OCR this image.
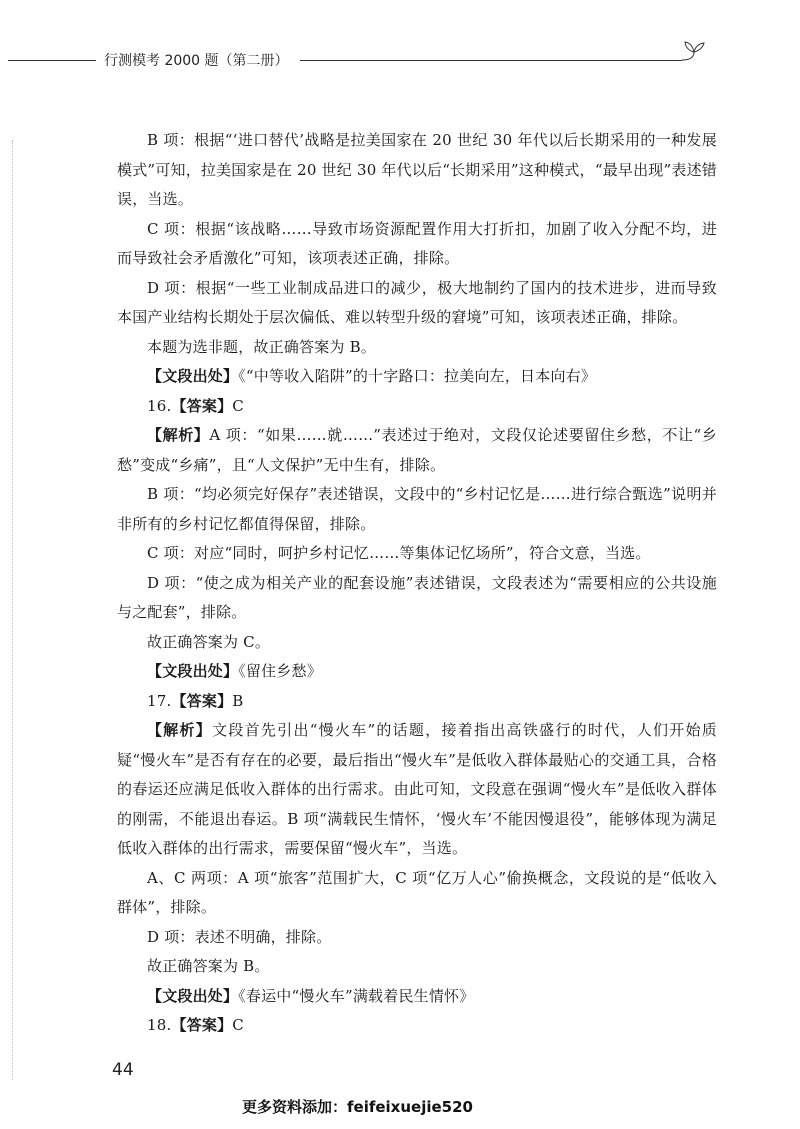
行测模考 2000 题（第二册）

B 项：根据“‘进口替代’战略是拉美国家在 20 世纪 30 年代以后长期采用的一种发展模式”可知，拉美国家是在 20 世纪 30 年代以后“长期采用”这种模式，“最早出现”表述错误，当选。

C 项：根据“该战略……导致市场资源配置作用大打折扣，加剧了收入分配不均，进而导致社会矛盾激化”可知，该项表述正确，排除。

D 项：根据“一些工业制成品进口的减少，极大地制约了国内的技术进步，进而导致本国产业结构长期处于层次偏低、难以转型升级的窘境”可知，该项表述正确，排除。

本题为选非题，故正确答案为 B。

【文段出处】《“中等收入陷阱”的十字路口：拉美向左，日本向右》

16.【答案】C

【解析】A 项：“如果……就……”表述过于绝对，文段仅论述要留住乡愁，不让“乡愁”变成“乡痛”，且“人文保护”无中生有，排除。

B 项：“均必须完好保存”表述错误，文段中的“乡村记忆是……进行综合甄选”说明并非所有的乡村记忆都值得保留，排除。

C 项：对应“同时，呵护乡村记忆……等集体记忆场所”，符合文意，当选。

D 项：“使之成为相关产业的配套设施”表述错误，文段表述为“需要相应的公共设施与之配套”，排除。

故正确答案为 C。

【文段出处】《留住乡愁》

17.【答案】B

【解析】文段首先引出“慢火车”的话题，接着指出高铁盛行的时代，人们开始质疑“慢火车”是否有存在的必要，最后指出“慢火车”是低收入群体最贴心的交通工具，合格的春运还应满足低收入群体的出行需求。由此可知，文段意在强调“慢火车”是低收入群体的刚需，不能退出春运。B 项“满载民生情怀，‘慢火车’不能因慢退役”，能够体现为满足低收入群体的出行需求，需要保留“慢火车”，当选。

A、C 两项：A 项“旅客”范围扩大，C 项“亿万人心”偷换概念，文段说的是“低收入群体”，排除。

D 项：表述不明确，排除。

故正确答案为 B。

【文段出处】《春运中“慢火车”满载着民生情怀》

18.【答案】C

44
更多资料添加：feifeixuejie520
